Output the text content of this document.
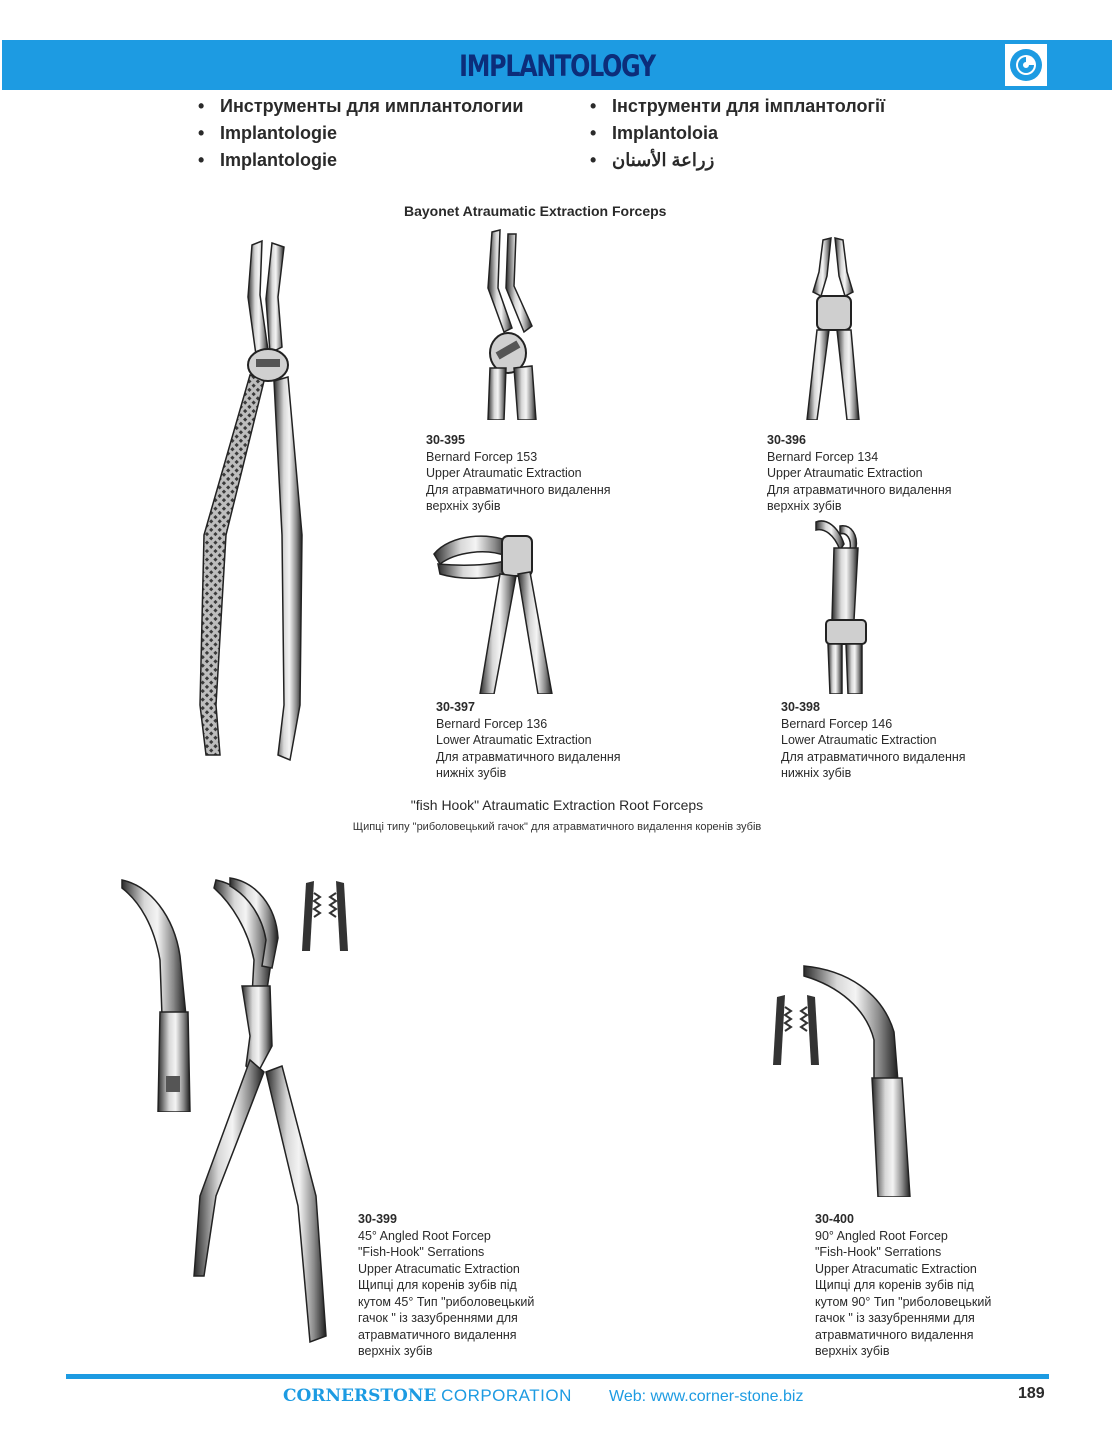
IMPLANTOLOGY
• Инструменты для имплантологии
• Implantologie
• Implantologie
• Інструменти для імплантології
• Implantoloia
• زراعة الأسنان
Bayonet Atraumatic Extraction Forceps
30-395
Bernard Forcep 153
Upper Atraumatic Extraction
Для атравматичного видалення
верхніх зубів
30-396
Bernard Forcep 134
Upper Atraumatic Extraction
Для атравматичного видалення
верхніх зубів
30-397
Bernard Forcep 136
Lower Atraumatic Extraction
Для атравматичного видалення
нижніх зубів
30-398
Bernard Forcep 146
Lower Atraumatic Extraction
Для атравматичного видалення
нижніх зубів
"fish Hook" Atraumatic Extraction Root Forceps
Щипці типу "риболовецький гачок" для атравматичного видалення коренів зубів
30-399
45° Angled Root Forcep
"Fish-Hook" Serrations
Upper Atracumatic Extraction
Щипці для коренів зубів під
кутом 45° Тип "риболовецький
гачок " із зазубреннями для
атравматичного видалення
верхніх зубів
30-400
90° Angled Root Forcep
"Fish-Hook" Serrations
Upper Atracumatic Extraction
Щипці для коренів зубів під
кутом 90° Тип "риболовецький
гачок " із зазубреннями для
атравматичного видалення
верхніх зубів
CORNERSTONE CORPORATION Web: www.corner-stone.biz	189
